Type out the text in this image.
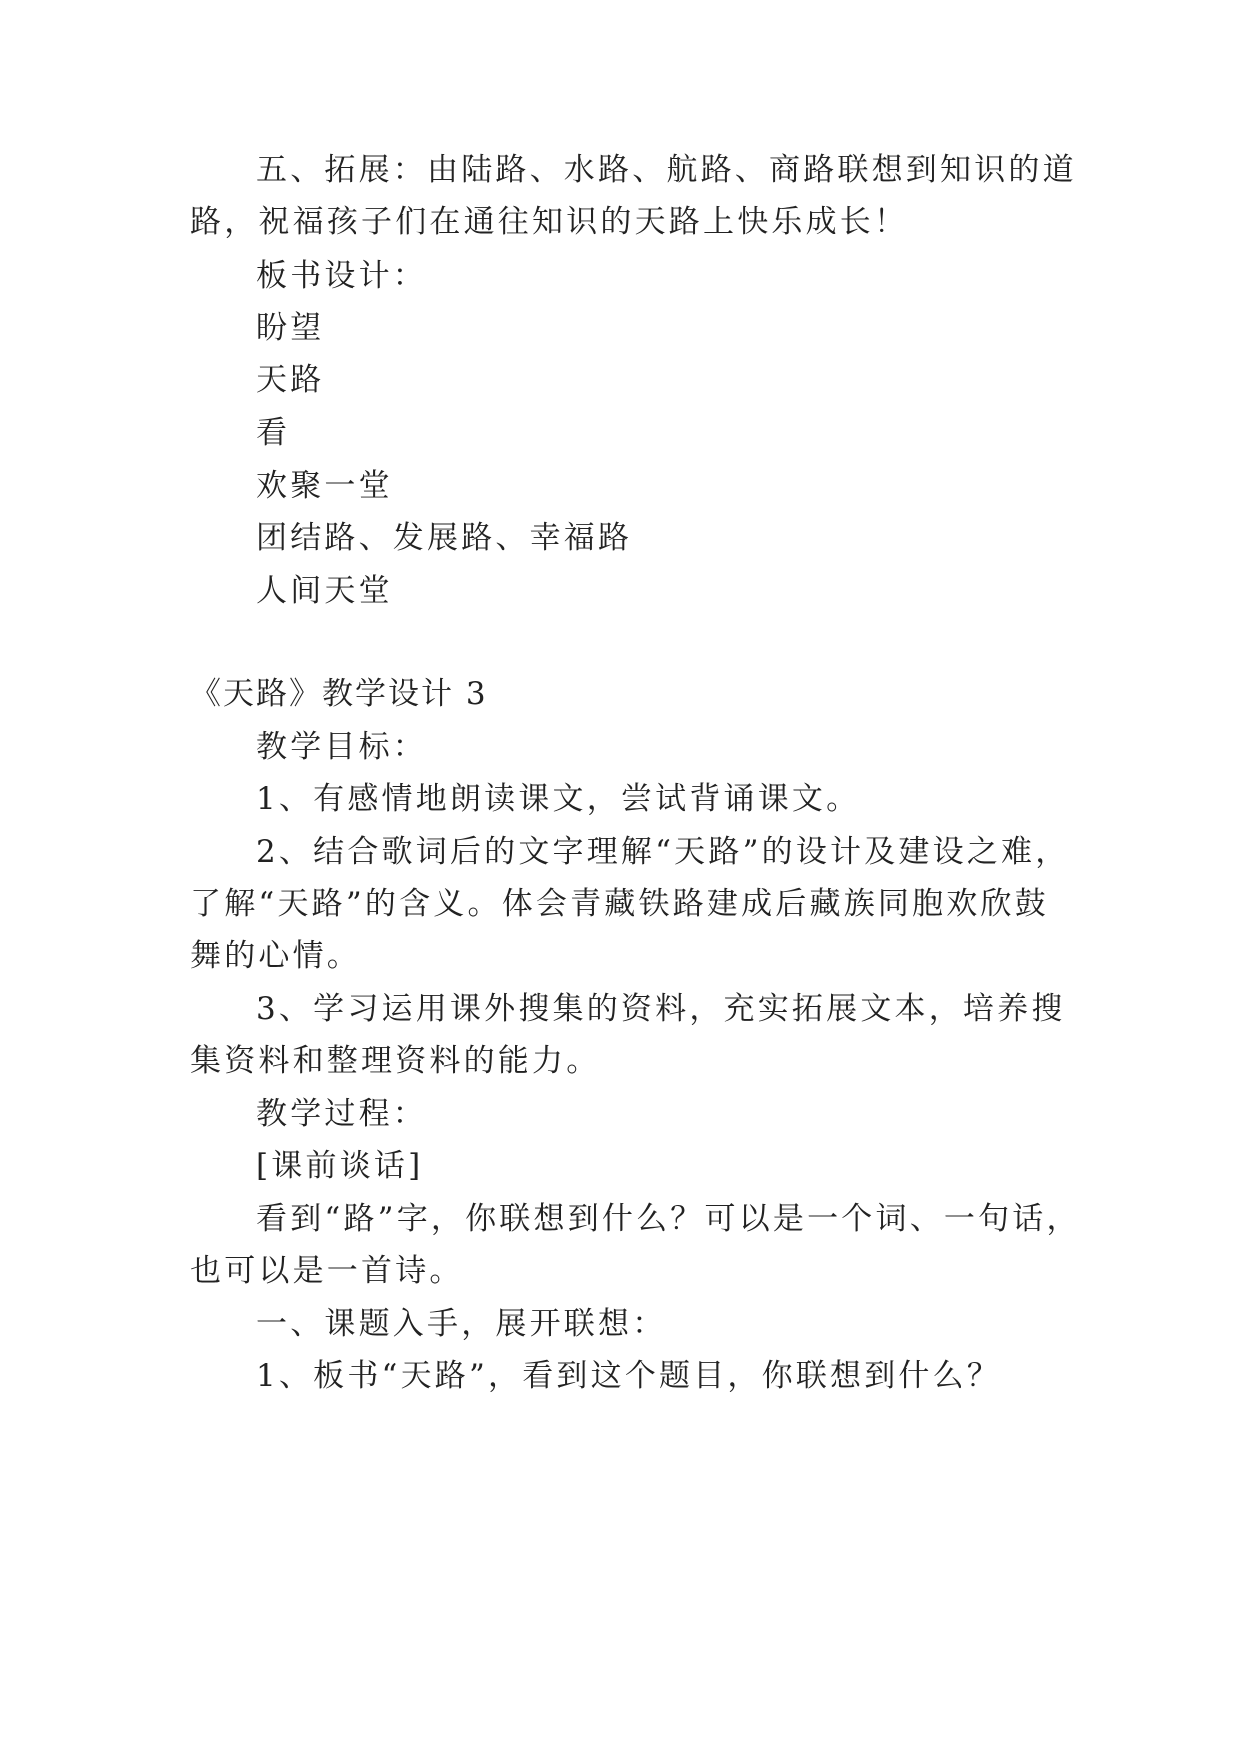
五、拓展：由陆路、水路、航路、商路联想到知识的道
路，祝福孩子们在通往知识的天路上快乐成长！
板书设计：
盼望
天路
看
欢聚一堂
团结路、发展路、幸福路
人间天堂
《天路》教学设计 3
教学目标：
1、有感情地朗读课文，尝试背诵课文。
2、结合歌词后的文字理解“天路”的设计及建设之难，
了解“天路”的含义。体会青藏铁路建成后藏族同胞欢欣鼓
舞的心情。
3、学习运用课外搜集的资料，充实拓展文本，培养搜
集资料和整理资料的能力。
教学过程：
[课前谈话]
看到“路”字，你联想到什么？可以是一个词、一句话，
也可以是一首诗。
一、课题入手，展开联想：
1、板书“天路”，看到这个题目，你联想到什么？
